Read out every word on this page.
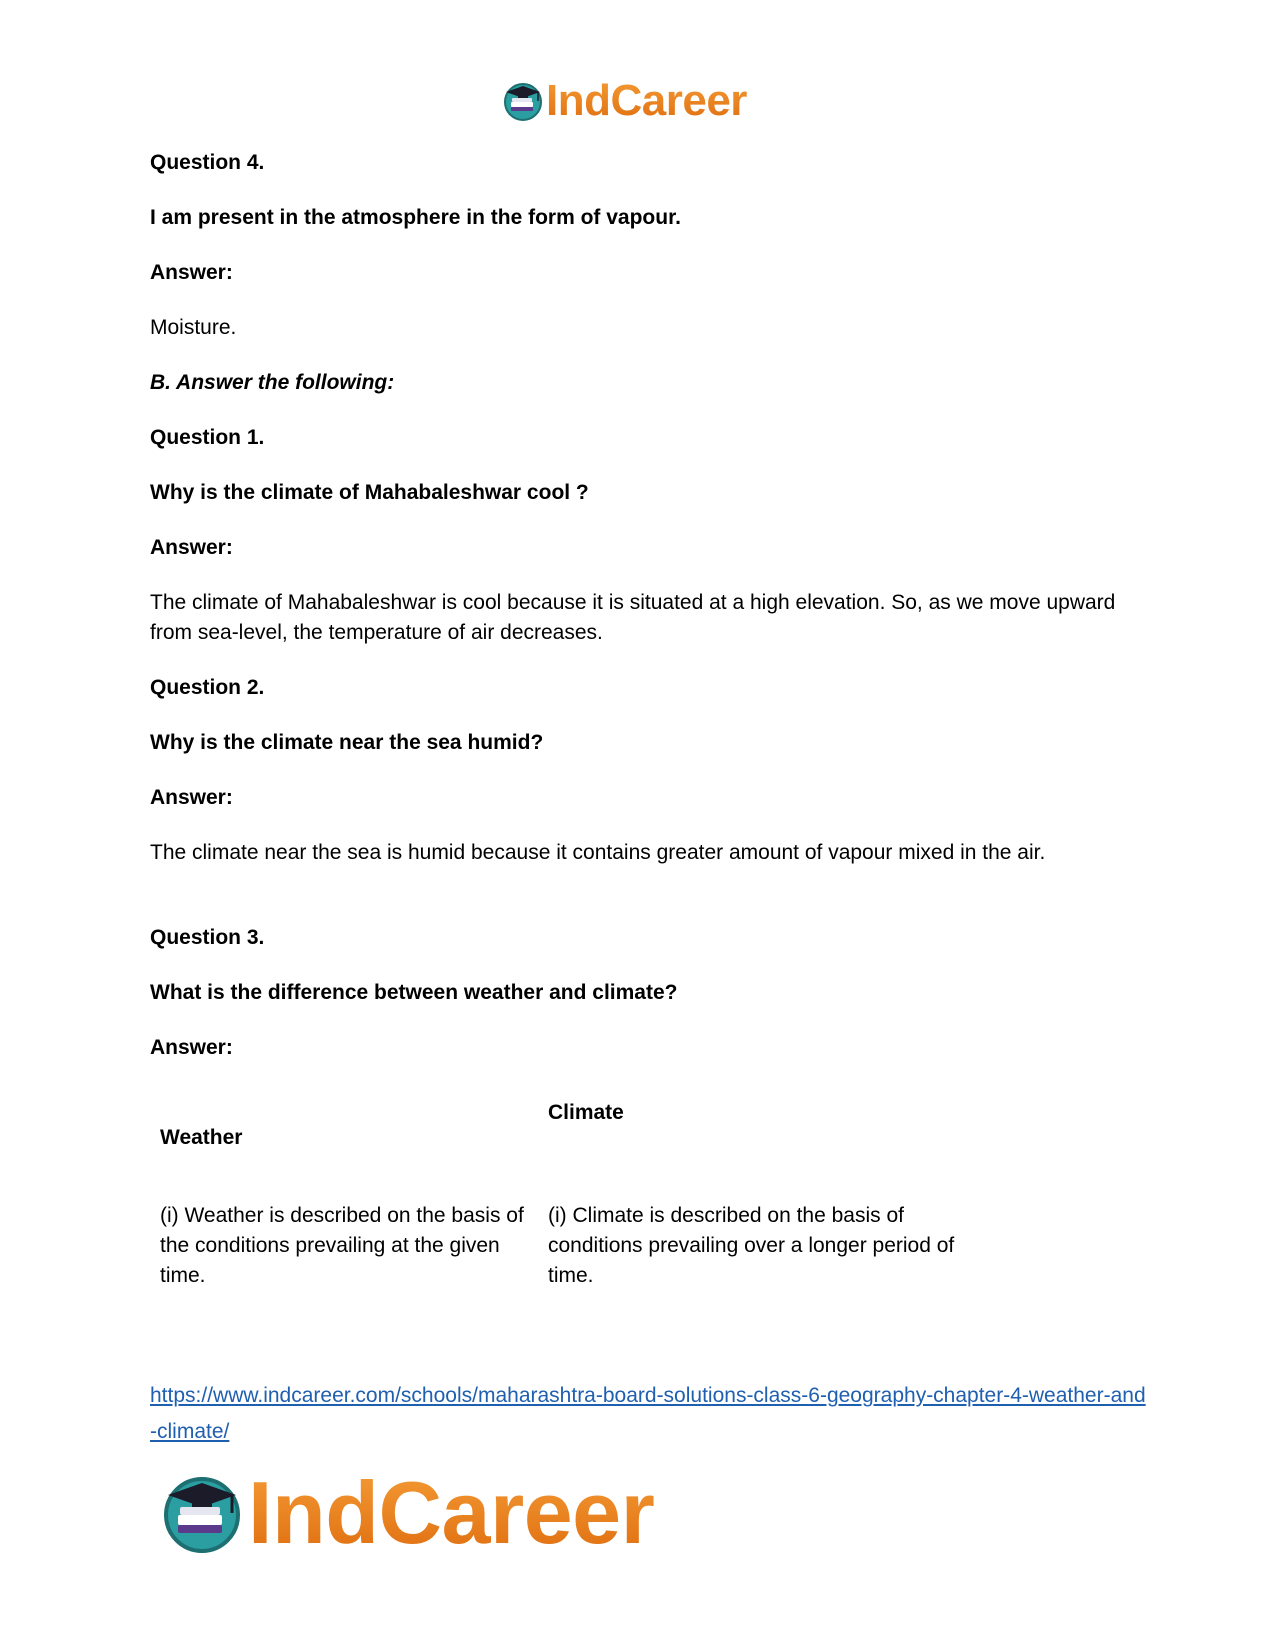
IndCareer
Question 4.
I am present in the atmosphere in the form of vapour.
Answer:
Moisture.
B. Answer the following:
Question 1.
Why is the climate of Mahabaleshwar cool ?
Answer:
The climate of Mahabaleshwar is cool because it is situated at a high elevation. So, as we move upward from sea-level, the temperature of air decreases.
Question 2.
Why is the climate near the sea humid?
Answer:
The climate near the sea is humid because it contains greater amount of vapour mixed in the air.
Question 3.
What is the difference between weather and climate?
Answer:
Climate
Weather
(i) Weather is described on the basis of the conditions prevailing at the given time.
(i) Climate is described on the basis of conditions prevailing over a longer period of time.
https://www.indcareer.com/schools/maharashtra-board-solutions-class-6-geography-chapter-4-weather-and-climate/
IndCareer
